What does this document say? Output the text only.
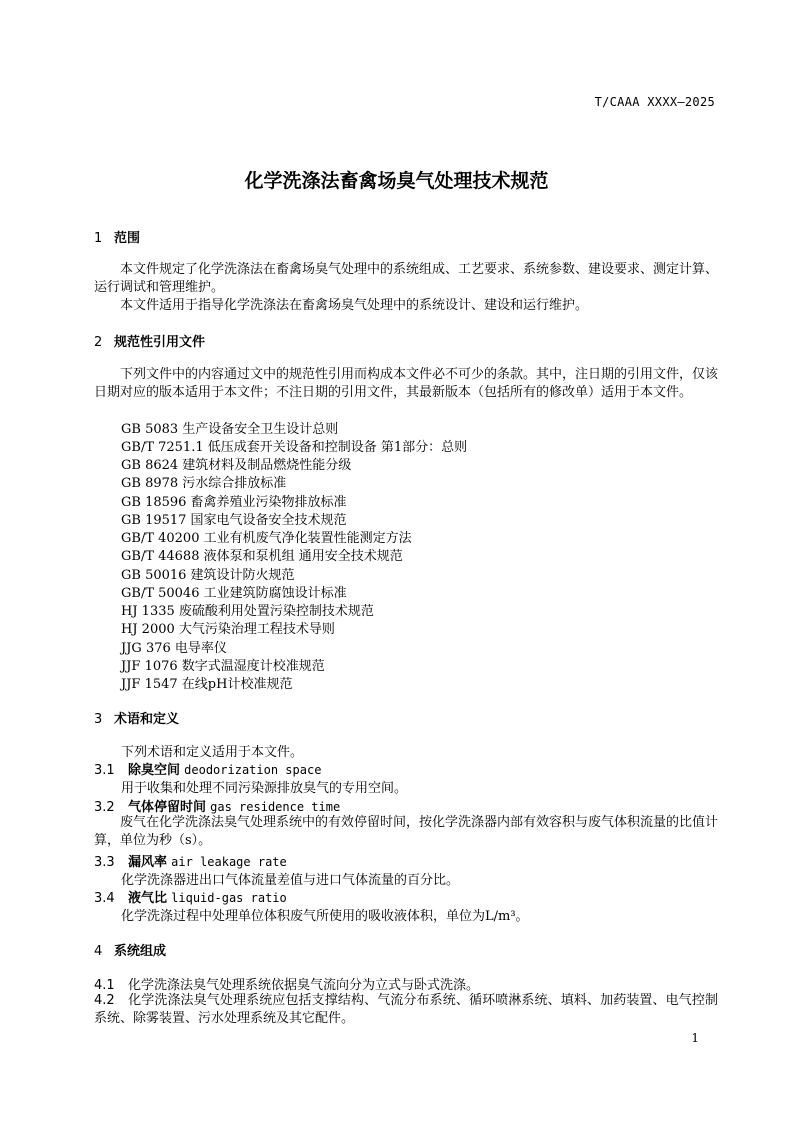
T/CAAA XXXX—2025
化学洗涤法畜禽场臭气处理技术规范
1 范围
本文件规定了化学洗涤法在畜禽场臭气处理中的系统组成、工艺要求、系统参数、建设要求、测定计算、运行调试和管理维护。
本文件适用于指导化学洗涤法在畜禽场臭气处理中的系统设计、建设和运行维护。
2 规范性引用文件
下列文件中的内容通过文中的规范性引用而构成本文件必不可少的条款。其中，注日期的引用文件，仅该日期对应的版本适用于本文件；不注日期的引用文件，其最新版本（包括所有的修改单）适用于本文件。
GB 5083 生产设备安全卫生设计总则
GB/T 7251.1 低压成套开关设备和控制设备 第1部分：总则
GB 8624 建筑材料及制品燃烧性能分级
GB 8978 污水综合排放标准
GB 18596 畜禽养殖业污染物排放标准
GB 19517 国家电气设备安全技术规范
GB/T 40200 工业有机废气净化装置性能测定方法
GB/T 44688 液体泵和泵机组 通用安全技术规范
GB 50016 建筑设计防火规范
GB/T 50046 工业建筑防腐蚀设计标准
HJ 1335 废硫酸利用处置污染控制技术规范
HJ 2000 大气污染治理工程技术导则
JJG 376 电导率仪
JJF 1076 数字式温湿度计校准规范
JJF 1547 在线pH计校准规范
3 术语和定义
下列术语和定义适用于本文件。
3.1 除臭空间 deodorization space
用于收集和处理不同污染源排放臭气的专用空间。
3.2 气体停留时间 gas residence time
废气在化学洗涤法臭气处理系统中的有效停留时间，按化学洗涤器内部有效容积与废气体积流量的比值计算，单位为秒（s）。
3.3 漏风率 air leakage rate
化学洗涤器进出口气体流量差值与进口气体流量的百分比。
3.4 液气比 liquid-gas ratio
化学洗涤过程中处理单位体积废气所使用的吸收液体积，单位为L/m³。
4 系统组成
4.1 化学洗涤法臭气处理系统依据臭气流向分为立式与卧式洗涤。
4.2 化学洗涤法臭气处理系统应包括支撑结构、气流分布系统、循环喷淋系统、填料、加药装置、电气控制系统、除雾装置、污水处理系统及其它配件。
1
